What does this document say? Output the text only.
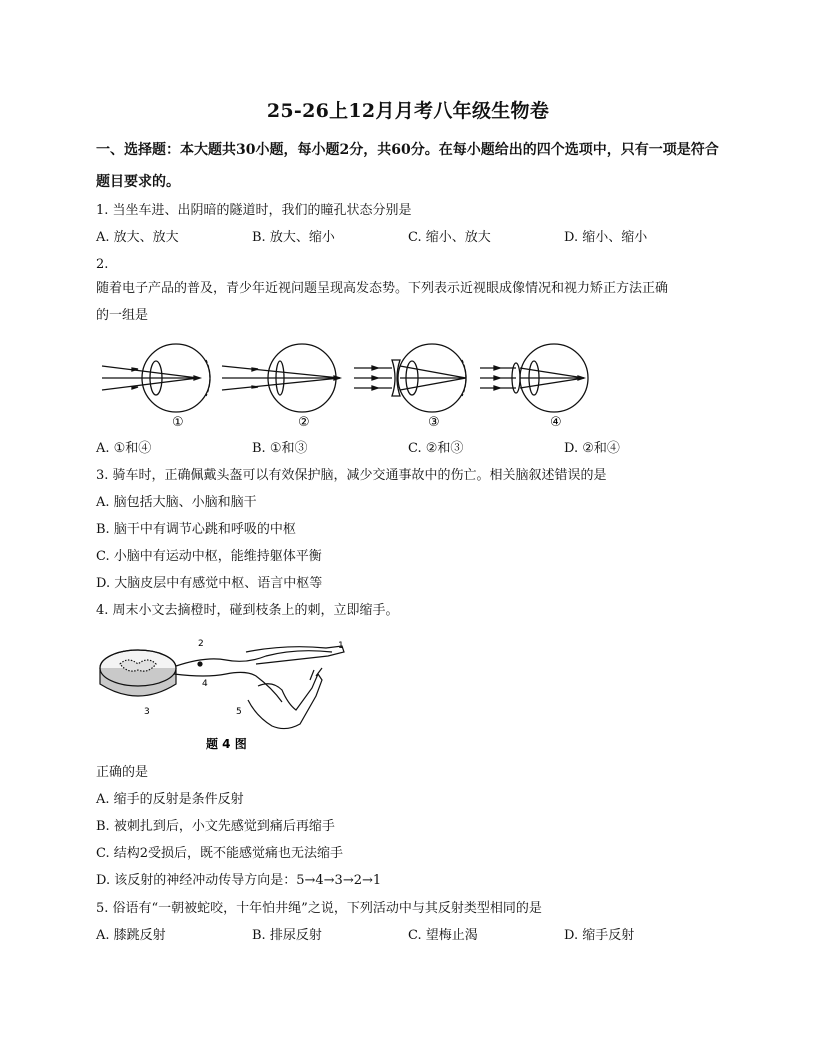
25-26上12月月考八年级生物卷
一、选择题：本大题共30小题，每小题2分，共60分。在每小题给出的四个选项中，只有一项是符合题目要求的。
1. 当坐车进、出阴暗的隧道时，我们的瞳孔状态分别是
A. 放大、放大	B. 放大、缩小	C. 缩小、放大	D. 缩小、缩小
2.
随着电子产品的普及，青少年近视问题呈现高发态势。下列表示近视眼成像情况和视力矫正方法正确
的一组是
①	②	③	④
A. ①和④	B. ①和③	C. ②和③	D. ②和④
3. 骑车时，正确佩戴头盔可以有效保护脑，减少交通事故中的伤亡。相关脑叙述错误的是
A. 脑包括大脑、小脑和脑干
B. 脑干中有调节心跳和呼吸的中枢
C. 小脑中有运动中枢，能维持躯体平衡
D. 大脑皮层中有感觉中枢、语言中枢等
4. 周末小文去摘橙时，碰到枝条上的刺，立即缩手。
2	1
3
4
5
题 4 图
正确的是
A. 缩手的反射是条件反射
B. 被刺扎到后，小文先感觉到痛后再缩手
C. 结构2受损后，既不能感觉痛也无法缩手
D. 该反射的神经冲动传导方向是：5→4→3→2→1
5. 俗语有“一朝被蛇咬，十年怕井绳”之说，下列活动中与其反射类型相同的是
A. 膝跳反射	B. 排尿反射	C. 望梅止渴	D. 缩手反射
